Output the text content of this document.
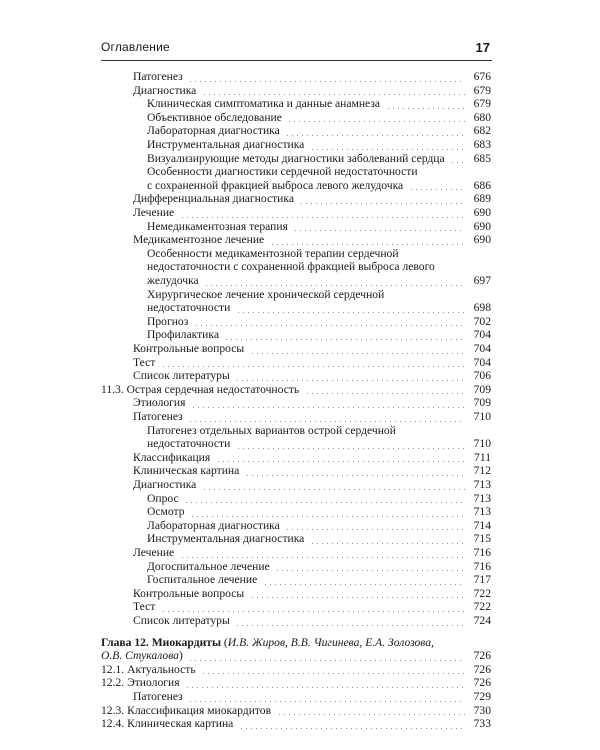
Оглавление	17
Патогенез	676
Диагностика	679
Клиническая симптоматика и данные анамнеза	679
Объективное обследование	680
Лабораторная диагностика	682
Инструментальная диагностика	683
Визуализирующие методы диагностики заболеваний сердца 685
Особенности диагностики сердечной недостаточности
с сохраненной фракцией выброса левого желудочка	686
Дифференциальная диагностика	689
Лечение	690
Немедикаментозная терапия	690
Медикаментозное лечение	690
Особенности медикаментозной терапии сердечной
недостаточности с сохраненной фракцией выброса левого
желудочка	697
Хирургическое лечение хронической сердечной
недостаточности	698
Прогноз	702
Профилактика	704
Контрольные вопросы	704
Тест	704
Список литературы	706
11.3. Острая сердечная недостаточность	709
Этиология	709
Патогенез	710
Патогенез отдельных вариантов острой сердечной
недостаточности	710
Классификация	711
Клиническая картина	712
Диагностика	713
Опрос	713
Осмотр	713
Лабораторная диагностика	714
Инструментальная диагностика	715
Лечение	716
Догоспитальное лечение	716
Госпитальное лечение	717
Контрольные вопросы	722
Тест	722
Список литературы	724
Глава 12. Миокардиты (И.В. Жиров, В.В. Чигинева, Е.А. Золозова,
О.В. Стукалова)	726
12.1. Актуальность	726
12.2. Этиология	726
Патогенез	729
12.3. Классификация миокардитов	730
12.4. Клиническая картина	733
